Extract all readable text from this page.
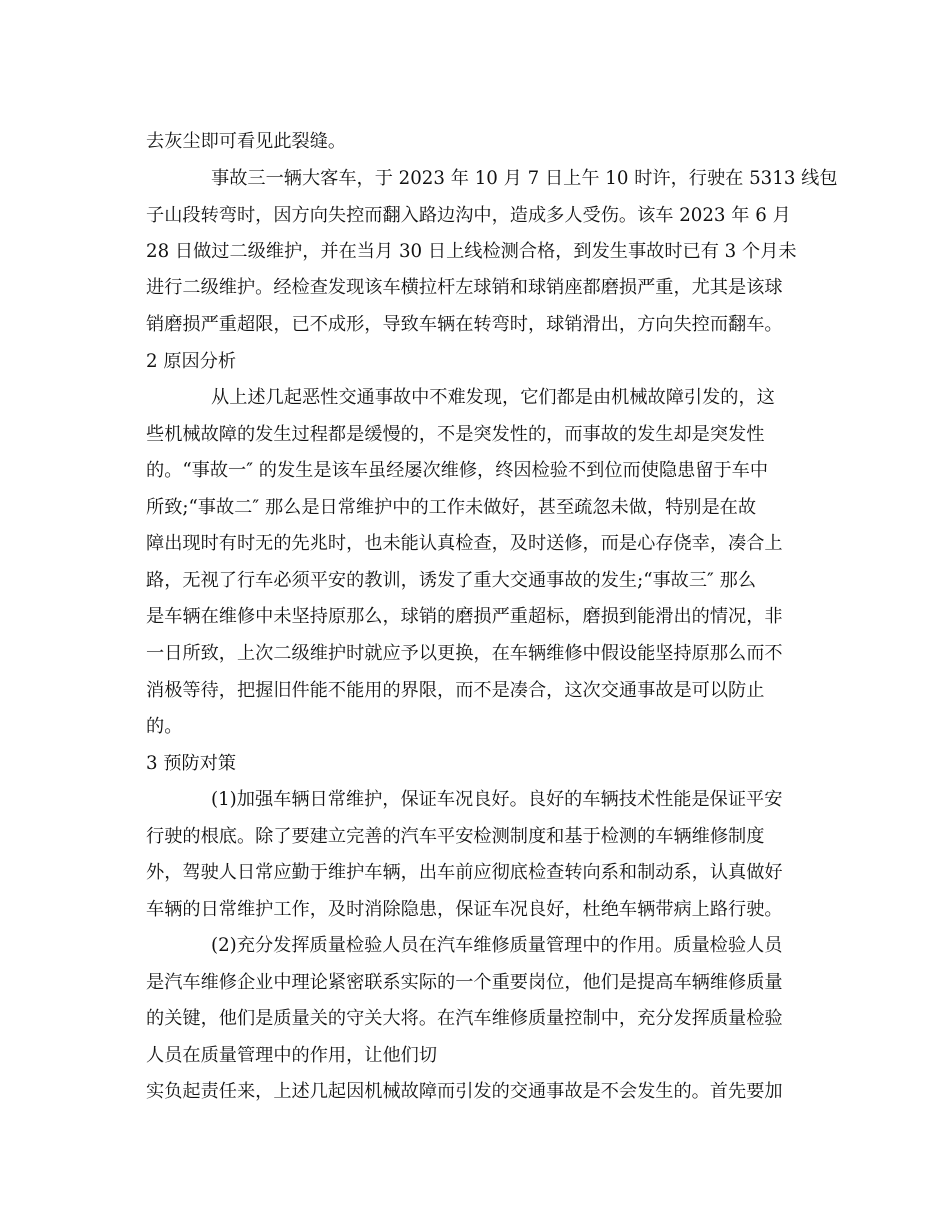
去灰尘即可看见此裂缝。
事故三一辆大客车，于 2023 年 10 月 7 日上午 10 时许，行驶在 5313 线包
子山段转弯时，因方向失控而翻入路边沟中，造成多人受伤。该车 2023 年 6 月
28 日做过二级维护，并在当月 30 日上线检测合格，到发生事故时已有 3 个月未
进行二级维护。经检查发现该车横拉杆左球销和球销座都磨损严重，尤其是该球
销磨损严重超限，已不成形，导致车辆在转弯时，球销滑出，方向失控而翻车。
2 原因分析
从上述几起恶性交通事故中不难发现，它们都是由机械故障引发的，这
些机械故障的发生过程都是缓慢的，不是突发性的，而事故的发生却是突发性
的。“事故一″ 的发生是该车虽经屡次维修，终因检验不到位而使隐患留于车中
所致;“事故二″ 那么是日常维护中的工作未做好，甚至疏忽未做，特别是在故
障出现时有时无的先兆时，也未能认真检查，及时送修，而是心存侥幸，凑合上
路，无视了行车必须平安的教训，诱发了重大交通事故的发生;“事故三″ 那么
是车辆在维修中未坚持原那么，球销的磨损严重超标，磨损到能滑出的情况，非
一日所致，上次二级维护时就应予以更换，在车辆维修中假设能坚持原那么而不
消极等待，把握旧件能不能用的界限，而不是凑合，这次交通事故是可以防止
的。
3 预防对策
(1)加强车辆日常维护，保证车况良好。良好的车辆技术性能是保证平安
行驶的根底。除了要建立完善的汽车平安检测制度和基于检测的车辆维修制度
外，驾驶人日常应勤于维护车辆，出车前应彻底检查转向系和制动系，认真做好
车辆的日常维护工作，及时消除隐患，保证车况良好，杜绝车辆带病上路行驶。
(2)充分发挥质量检验人员在汽车维修质量管理中的作用。质量检验人员
是汽车维修企业中理论紧密联系实际的一个重要岗位，他们是提高车辆维修质量
的关键，他们是质量关的守关大将。在汽车维修质量控制中，充分发挥质量检验
人员在质量管理中的作用，让他们切
实负起责任来，上述几起因机械故障而引发的交通事故是不会发生的。首先要加
